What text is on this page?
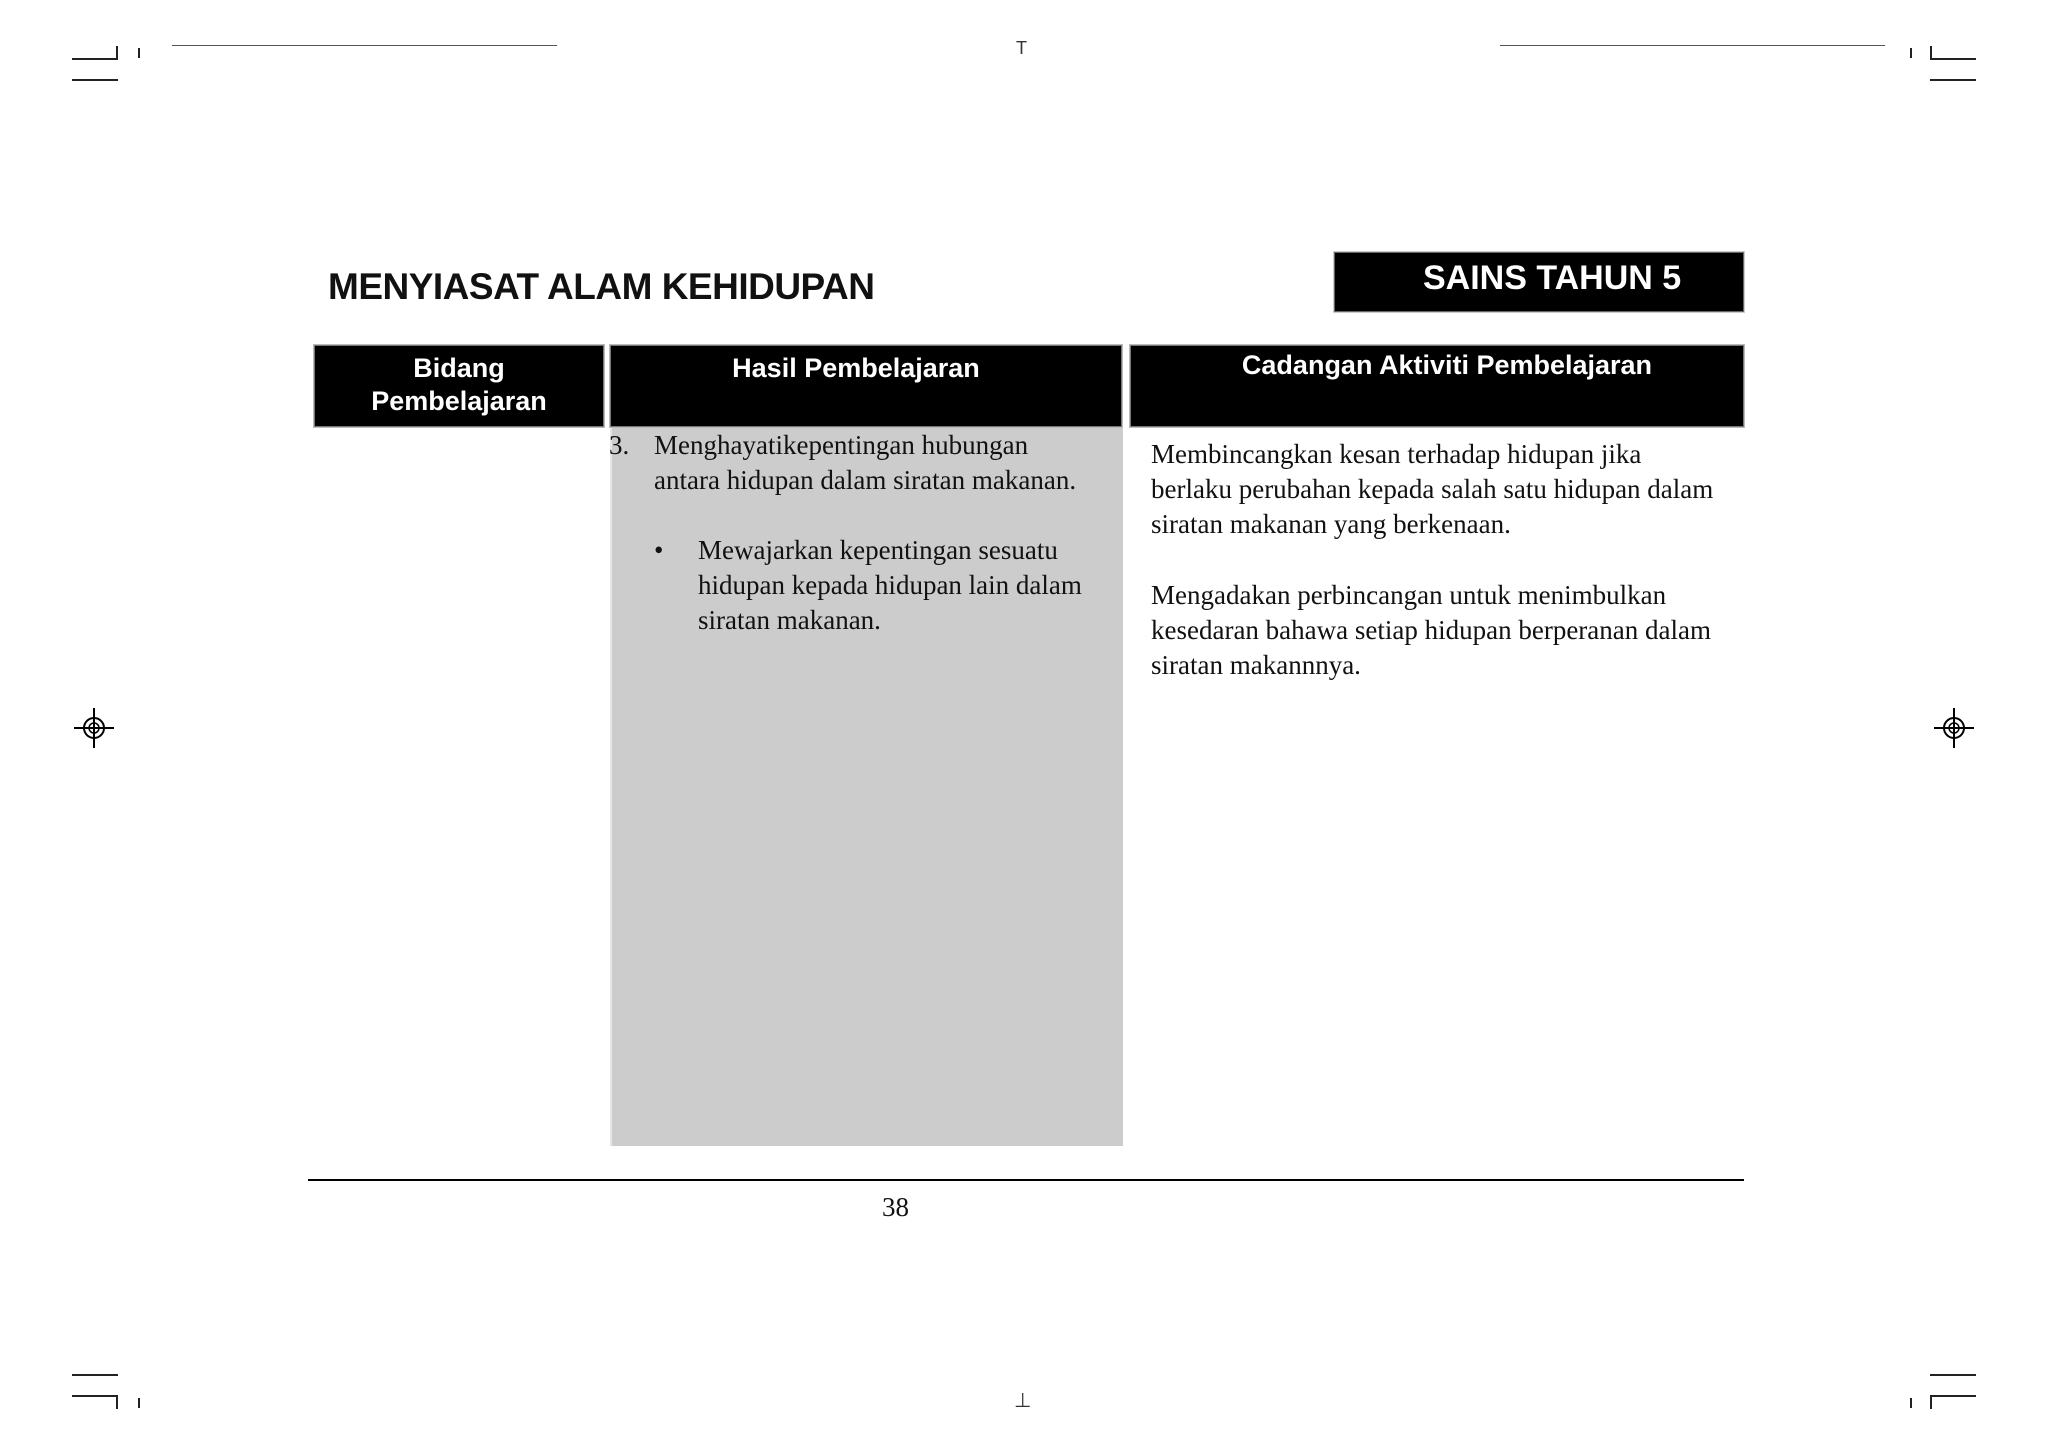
T
⊥
MENYIASAT ALAM KEHIDUPAN	SAINS TAHUN 5
Bidang
Pembelajaran
Hasil Pembelajaran	Cadangan Aktiviti Pembelajaran
3. Menghayatikepentingan hubungan
antara hidupan dalam siratan makanan.
• Mewajarkan kepentingan sesuatu
hidupan kepada hidupan lain dalam
siratan makanan.
Membincangkan kesan terhadap hidupan jika
berlaku perubahan kepada salah satu hidupan dalam
siratan makanan yang berkenaan.
Mengadakan perbincangan untuk menimbulkan
kesedaran bahawa setiap hidupan berperanan dalam
siratan makannnya.
38
